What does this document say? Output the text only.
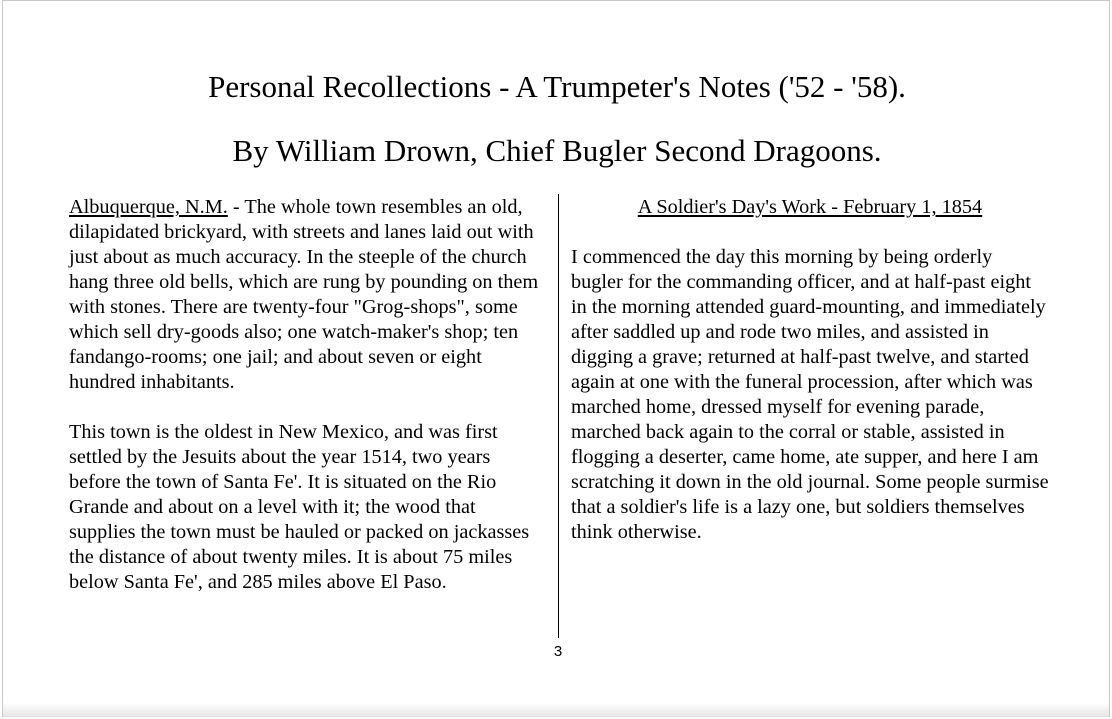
Personal Recollections - A Trumpeter's Notes ('52 - '58).
By William Drown, Chief Bugler Second Dragoons.

Albuquerque, N.M. - The whole town resembles an old, dilapidated brickyard, with streets and lanes laid out with just about as much accuracy. In the steeple of the church hang three old bells, which are rung by pounding on them with stones. There are twenty-four "Grog-shops", some which sell dry-goods also; one watch-maker's shop; ten fandango-rooms; one jail; and about seven or eight hundred inhabitants.

This town is the oldest in New Mexico, and was first settled by the Jesuits about the year 1514, two years before the town of Santa Fe'. It is situated on the Rio Grande and about on a level with it; the wood that supplies the town must be hauled or packed on jackasses the distance of about twenty miles. It is about 75 miles below Santa Fe', and 285 miles above El Paso.

A Soldier's Day's Work - February 1, 1854

I commenced the day this morning by being orderly bugler for the commanding officer, and at half-past eight in the morning attended guard-mounting, and immediately after saddled up and rode two miles, and assisted in digging a grave; returned at half-past twelve, and started again at one with the funeral procession, after which was marched home, dressed myself for evening parade, marched back again to the corral or stable, assisted in flogging a deserter, came home, ate supper, and here I am scratching it down in the old journal. Some people surmise that a soldier's life is a lazy one, but soldiers themselves think otherwise.

3
